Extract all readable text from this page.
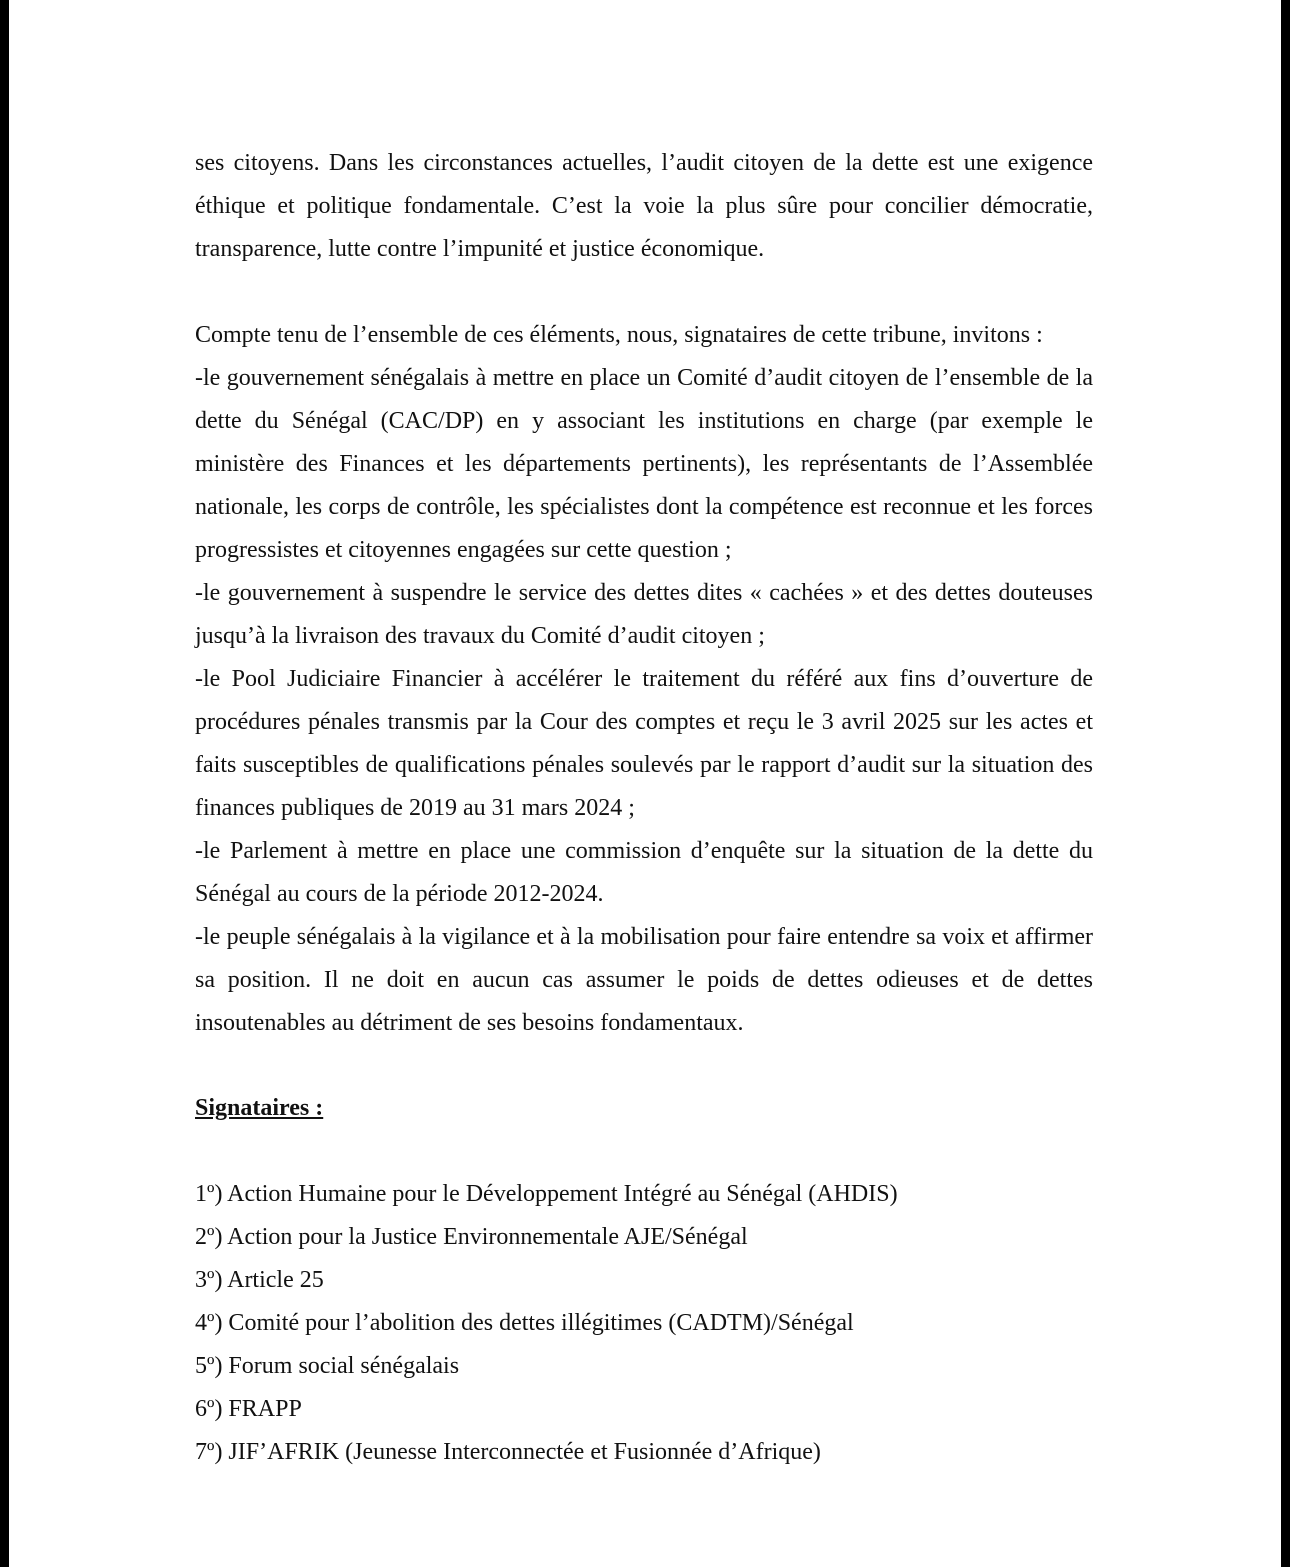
ses citoyens. Dans les circonstances actuelles, l’audit citoyen de la dette est une exigence éthique et politique fondamentale. C’est la voie la plus sûre pour concilier démocratie, transparence, lutte contre l’impunité et justice économique.

Compte tenu de l’ensemble de ces éléments, nous, signataires de cette tribune, invitons :

-le gouvernement sénégalais à mettre en place un Comité d’audit citoyen de l’ensemble de la dette du Sénégal (CAC/DP) en y associant les institutions en charge (par exemple le ministère des Finances et les départements pertinents), les représentants de l’Assemblée nationale, les corps de contrôle, les spécialistes dont la compétence est reconnue et les forces progressistes et citoyennes engagées sur cette question ;

-le gouvernement à suspendre le service des dettes dites « cachées » et des dettes douteuses jusqu’à la livraison des travaux du Comité d’audit citoyen ;

-le Pool Judiciaire Financier à accélérer le traitement du référé aux fins d’ouverture de procédures pénales transmis par la Cour des comptes et reçu le 3 avril 2025 sur les actes et faits susceptibles de qualifications pénales soulevés par le rapport d’audit sur la situation des finances publiques de 2019 au 31 mars 2024 ;

-le Parlement à mettre en place une commission d’enquête sur la situation de la dette du Sénégal au cours de la période 2012-2024.

-le peuple sénégalais à la vigilance et à la mobilisation pour faire entendre sa voix et affirmer sa position. Il ne doit en aucun cas assumer le poids de dettes odieuses et de dettes insoutenables au détriment de ses besoins fondamentaux.

Signataires :
1º) Action Humaine pour le Développement Intégré au Sénégal (AHDIS)
2º) Action pour la Justice Environnementale AJE/Sénégal
3º) Article 25
4º) Comité pour l’abolition des dettes illégitimes (CADTM)/Sénégal
5º) Forum social sénégalais
6º) FRAPP
7º) JIF’AFRIK (Jeunesse Interconnectée et Fusionnée d’Afrique)
